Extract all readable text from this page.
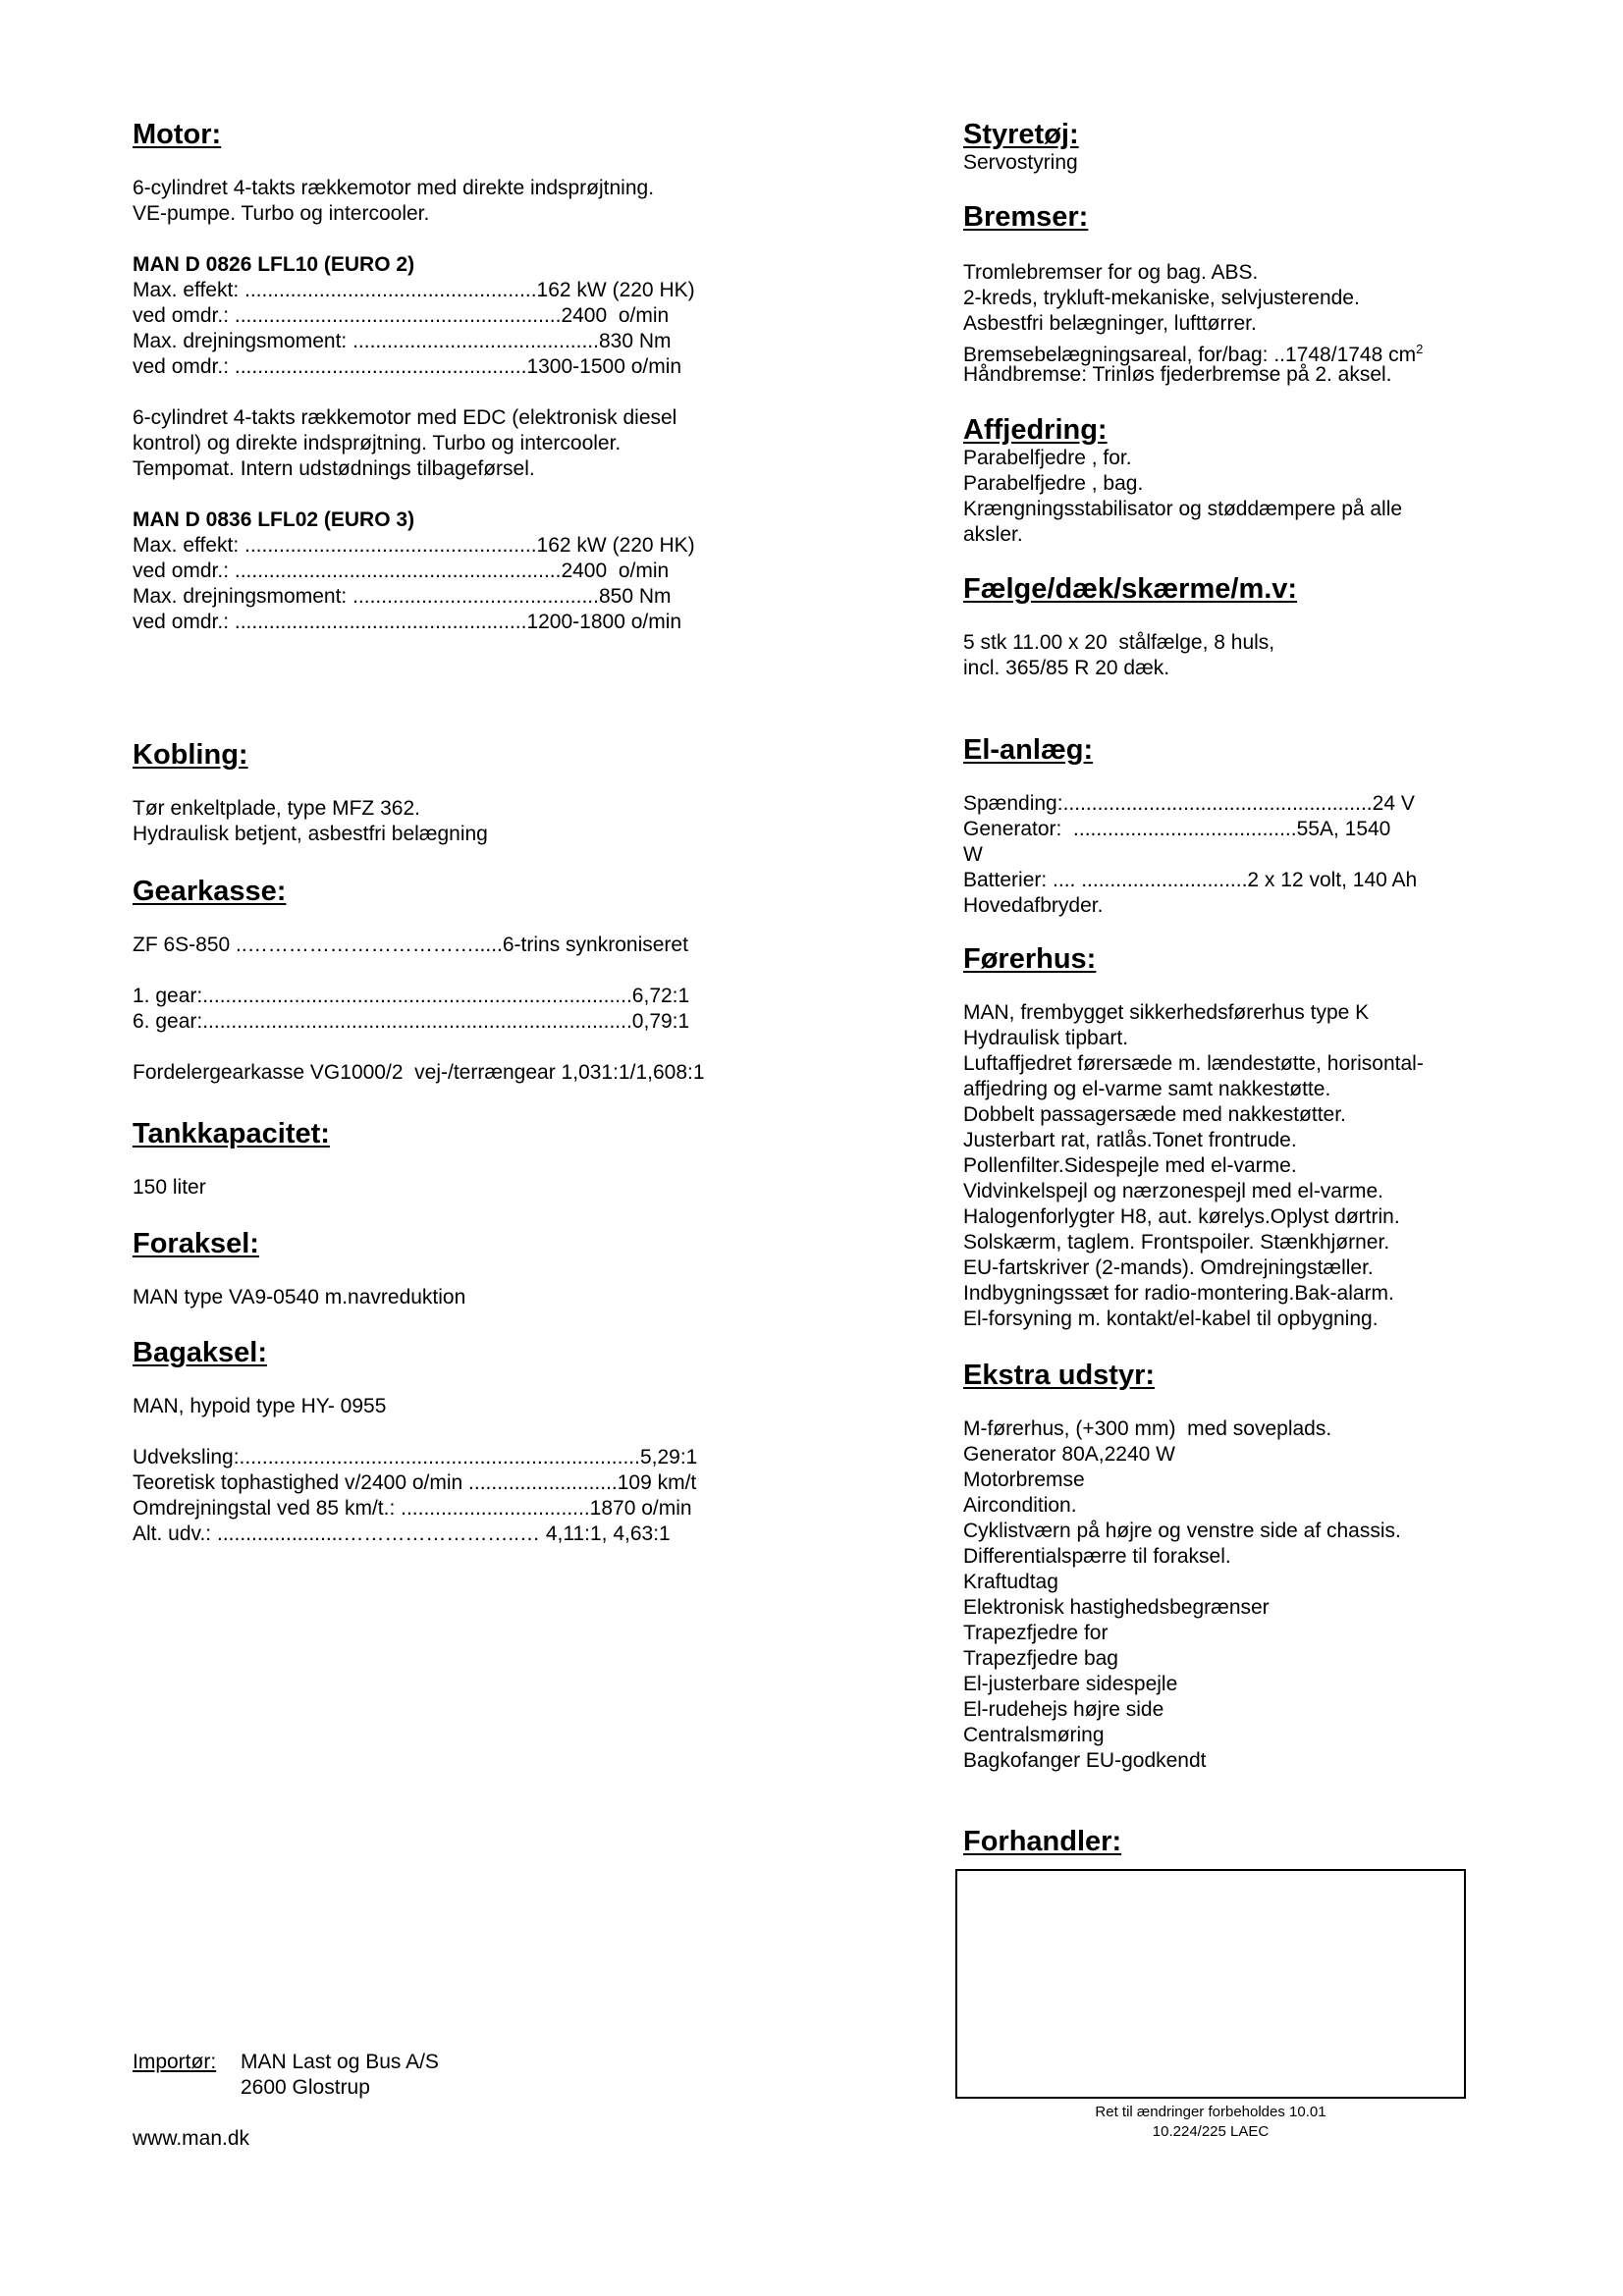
Motor:
6-cylindret 4-takts rækkemotor med direkte indsprøjtning.
VE-pumpe. Turbo og intercooler.
MAN D 0826 LFL10 (EURO 2)
Max. effekt: ...................................................162 kW (220 HK)
ved omdr.: .........................................................2400  o/min
Max. drejningsmoment: ...........................................830 Nm
ved omdr.: ...................................................1300-1500 o/min
6-cylindret 4-takts rækkemotor med EDC (elektronisk diesel
kontrol) og direkte indsprøjtning. Turbo og intercooler.
Tempomat. Intern udstødnings tilbageførsel.
MAN D 0836 LFL02 (EURO 3)
Max. effekt: ...................................................162 kW (220 HK)
ved omdr.: .........................................................2400  o/min
Max. drejningsmoment: ...........................................850 Nm
ved omdr.: ...................................................1200-1800 o/min
Kobling:
Tør enkeltplade, type MFZ 362.
Hydraulisk betjent, asbestfri belægning
Gearkasse:
ZF 6S-850 ..…………………………….....6-trins synkroniseret
1. gear:...........................................................................6,72:1
6. gear:...........................................................................0,79:1
Fordelergearkasse VG1000/2  vej-/terrængear 1,031:1/1,608:1
Tankkapacitet:
150 liter
Foraksel:
MAN type VA9-0540 m.navreduktion
Bagaksel:
MAN, hypoid type HY- 0955
Udveksling:......................................................................5,29:1
Teoretisk tophastighed v/2400 o/min ..........................109 km/t
Omdrejningstal ved 85 km/t.: .................................1870 o/min
Alt. udv.: ......................……………………..… 4,11:1, 4,63:1
Importør: MAN Last og Bus A/S
2600 Glostrup
www.man.dk
Styretøj:
Servostyring
Bremser:
Tromlebremser for og bag. ABS.
2-kreds, trykluft-mekaniske, selvjusterende.
Asbestfri belægninger, lufttørrer.
Bremsebelægningsareal, for/bag: ..1748/1748 $cm^2$
Håndbremse: Trinløs fjederbremse på 2. aksel.
Affjedring:
Parabelfjedre , for.
Parabelfjedre , bag.
Krængningsstabilisator og støddæmpere på alle
aksler.
Fælge/dæk/skærme/m.v:
5 stk 11.00 x 20  stålfælge, 8 huls,
incl. 365/85 R 20 dæk.
El-anlæg:
Spænding:......................................................24 V
Generator:  .......................................55A, 1540
W
Batterier: .... .............................2 x 12 volt, 140 Ah
Hovedafbryder.
Førerhus:
MAN, frembygget sikkerhedsførerhus type K
Hydraulisk tipbart.
Luftaffjedret førersæde m. lændestøtte, horisontal-
affjedring og el-varme samt nakkestøtte.
Dobbelt passagersæde med nakkestøtter.
Justerbart rat, ratlås.Tonet frontrude.
Pollenfilter.Sidespejle med el-varme.
Vidvinkelspejl og nærzonespejl med el-varme.
Halogenforlygter H8, aut. kørelys.Oplyst dørtrin.
Solskærm, taglem. Frontspoiler. Stænkhjørner.
EU-fartskriver (2-mands). Omdrejningstæller.
Indbygningssæt for radio-montering.Bak-alarm.
El-forsyning m. kontakt/el-kabel til opbygning.
Ekstra udstyr:
M-førerhus, (+300 mm)  med soveplads.
Generator 80A,2240 W
Motorbremse
Aircondition.
Cyklistværn på højre og venstre side af chassis.
Differentialspærre til foraksel.
Kraftudtag
Elektronisk hastighedsbegrænser
Trapezfjedre for
Trapezfjedre bag
El-justerbare sidespejle
El-rudehejs højre side
Centralsmøring
Bagkofanger EU-godkendt
Forhandler:
Ret til ændringer forbeholdes 10.01
10.224/225 LAEC
